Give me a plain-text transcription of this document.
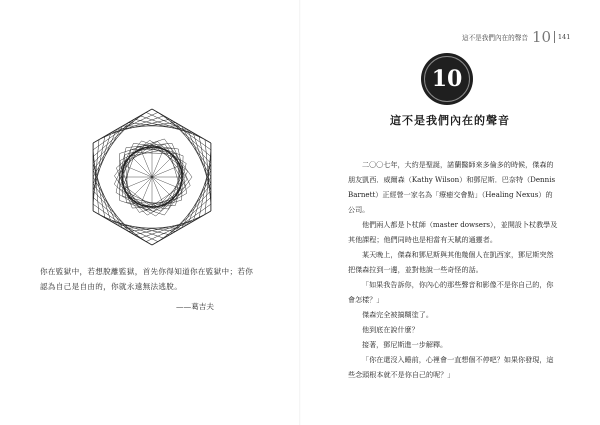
你在監獄中，若想脫離監獄，首先你得知道你在監獄中；若你

認為自己是自由的，你就永遠無法逃脫。

——葛吉夫
這不是我們內在的聲音 10 141
10
這不是我們內在的聲音

二〇〇七年，大約是聖誕，諾蘭醫師來多倫多的時候，傑森的朋友凱西．威爾森（Kathy Wilson）和鄧尼斯．巴奈特（Dennis Barnett）正經營一家名為「療癒交會點」（Healing Nexus）的公司。

他們兩人都是卜杖師（master dowsers），並開設卜杖教學及其他課程；他們同時也是相當有天賦的通靈者。

某天晚上，傑森和鄧尼斯與其他幾個人在凱西家，鄧尼斯突然把傑森拉到一邊，並對他說一些奇怪的話。

「如果我告訴你，你內心的那些聲音和影像不是你自己的，你會怎樣？」

傑森完全被搞糊塗了。

他到底在說什麼？

接著，鄧尼斯進一步解釋。

「你在還沒入睡前，心裡會一直想個不停吧？如果你發現，這些念頭根本就不是你自己的呢？」
